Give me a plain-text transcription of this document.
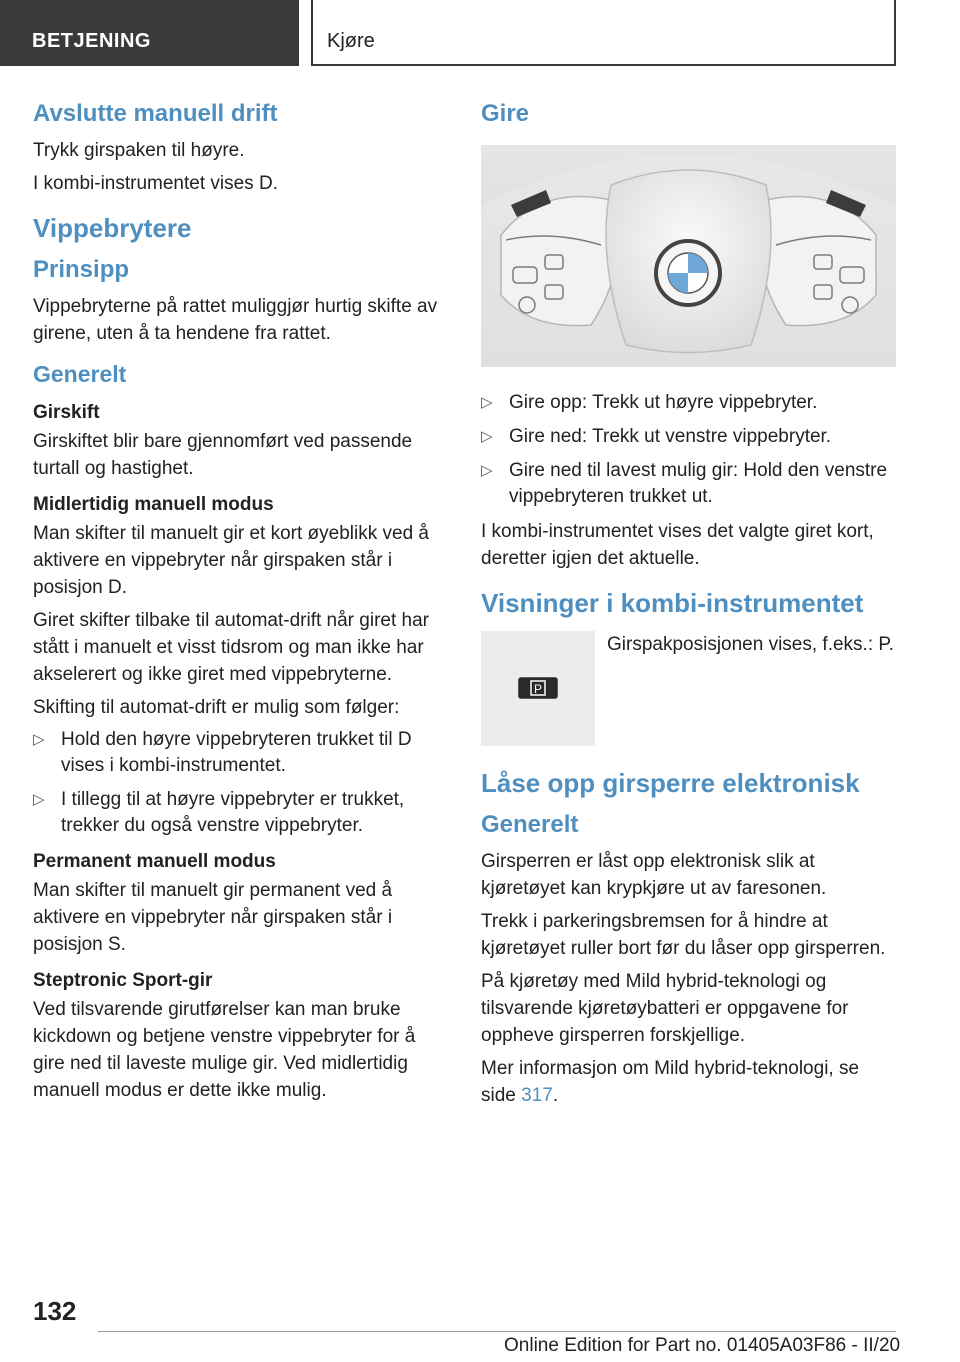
BETJENING	Kjøre
Avslutte manuell drift

Trykk girspaken til høyre.

I kombi-instrumentet vises D.

Vippebrytere
Prinsipp

Vippebryterne på rattet muliggjør hurtig skifte av girene, uten å ta hendene fra rattet.

Generelt
Girskift

Girskiftet blir bare gjennomført ved passende turtall og hastighet.

Midlertidig manuell modus

Man skifter til manuelt gir et kort øyeblikk ved å aktivere en vippebryter når girspaken står i posisjon D.

Giret skifter tilbake til automat-drift når giret har stått i manuelt et visst tidsrom og man ikke har akselerert og ikke giret med vippebryterne.

Skifting til automat-drift er mulig som følger:

▷ Hold den høyre vippebryteren trukket til D vises i kombi-instrumentet.
▷ I tillegg til at høyre vippebryter er trukket, trekker du også venstre vippebryter.
Permanent manuell modus

Man skifter til manuelt gir permanent ved å aktivere en vippebryter når girspaken står i posisjon S.

Steptronic Sport-gir

Ved tilsvarende girutførelser kan man bruke kickdown og betjene venstre vippebryter for å gire ned til laveste mulige gir. Ved midlertidig manuell modus er dette ikke mulig.

Gire
▷ Gire opp: Trekk ut høyre vippebryter.
▷ Gire ned: Trekk ut venstre vippebryter.
▷ Gire ned til lavest mulig gir: Hold den venstre vippebryteren trukket ut.

I kombi-instrumentet vises det valgte giret kort, deretter igjen det aktuelle.

Visninger i kombi-instrumentet
P
Girspakposisjonen vises, f.eks.: P.
Låse opp girsperre elektronisk
Generelt

Girsperren er låst opp elektronisk slik at kjøretøyet kan krypkjøre ut av faresonen.

Trekk i parkeringsbremsen for å hindre at kjøretøyet ruller bort før du låser opp girsperren.

På kjøretøy med Mild hybrid-teknologi og tilsvarende kjøretøybatteri er oppgavene for oppheve girsperren forskjellige.

Mer informasjon om Mild hybrid-teknologi, se side 317.

132
Online Edition for Part no. 01405A03F86 - II/20
